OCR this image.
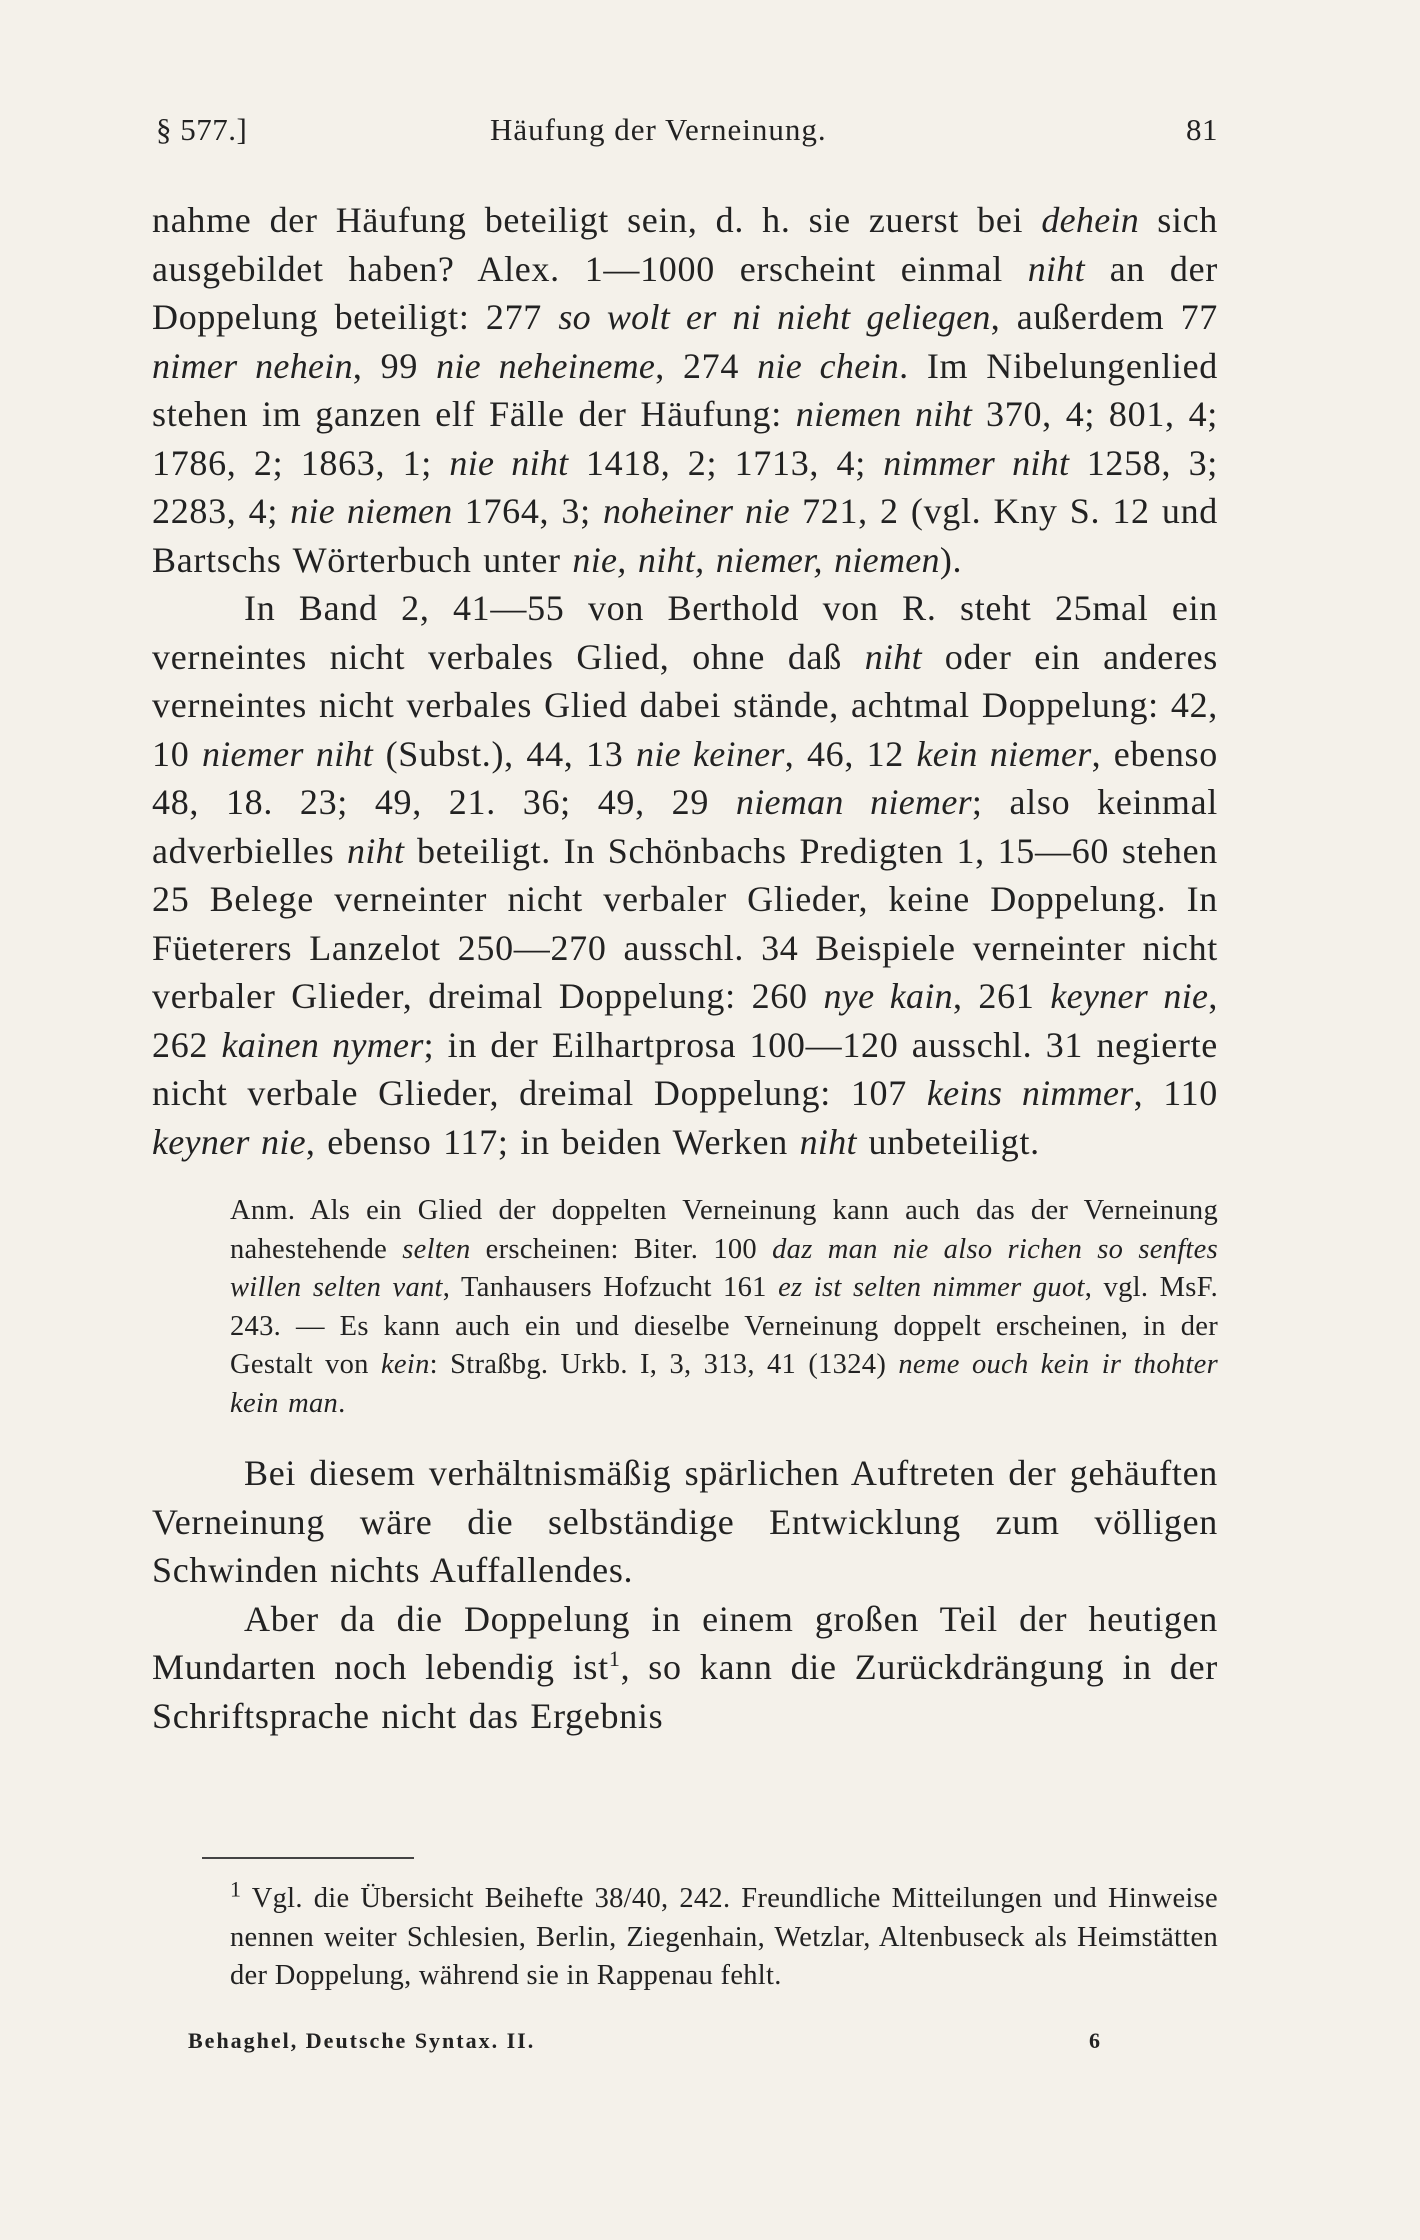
§ 577.]	Häufung der Verneinung.	81

nahme der Häufung beteiligt sein, d. h. sie zuerst bei dehein sich ausgebildet haben? Alex. 1—1000 erscheint einmal niht an der Doppelung beteiligt: 277 so wolt er ni nieht geliegen, außerdem 77 nimer nehein, 99 nie neheineme, 274 nie chein. Im Nibelungenlied stehen im ganzen elf Fälle der Häufung: niemen niht 370, 4; 801, 4; 1786, 2; 1863, 1; nie niht 1418, 2; 1713, 4; nimmer niht 1258, 3; 2283, 4; nie niemen 1764, 3; noheiner nie 721, 2 (vgl. Kny S. 12 und Bartschs Wörterbuch unter nie, niht, niemer, niemen).

In Band 2, 41—55 von Berthold von R. steht 25mal ein verneintes nicht verbales Glied, ohne daß niht oder ein anderes verneintes nicht verbales Glied dabei stände, achtmal Doppelung: 42, 10 niemer niht (Subst.), 44, 13 nie keiner, 46, 12 kein niemer, ebenso 48, 18. 23; 49, 21. 36; 49, 29 nieman niemer; also keinmal adverbielles niht beteiligt. In Schönbachs Predigten 1, 15—60 stehen 25 Belege verneinter nicht verbaler Glieder, keine Doppelung. In Füeterers Lanzelot 250—270 ausschl. 34 Beispiele verneinter nicht verbaler Glieder, dreimal Doppelung: 260 nye kain, 261 keyner nie, 262 kainen nymer; in der Eilhartprosa 100—120 ausschl. 31 negierte nicht verbale Glieder, dreimal Doppelung: 107 keins nimmer, 110 keyner nie, ebenso 117; in beiden Werken niht unbeteiligt.

Anm. Als ein Glied der doppelten Verneinung kann auch das der Verneinung nahestehende selten erscheinen: Biter. 100 daz man nie also richen so senftes willen selten vant, Tanhausers Hofzucht 161 ez ist selten nimmer guot, vgl. MsF. 243. — Es kann auch ein und dieselbe Verneinung doppelt erscheinen, in der Gestalt von kein: Straßbg. Urkb. I, 3, 313, 41 (1324) neme ouch kein ir thohter kein man.

Bei diesem verhältnismäßig spärlichen Auftreten der gehäuften Verneinung wäre die selbständige Entwicklung zum völligen Schwinden nichts Auffallendes.

Aber da die Doppelung in einem großen Teil der heutigen Mundarten noch lebendig ist$^1$, so kann die Zurückdrängung in der Schriftsprache nicht das Ergebnis

$^1$ Vgl. die Übersicht Beihefte 38/40, 242. Freundliche Mitteilungen und Hinweise nennen weiter Schlesien, Berlin, Ziegenhain, Wetzlar, Altenbuseck als Heimstätten der Doppelung, während sie in Rappenau fehlt.

Behaghel, Deutsche Syntax. II.	6
